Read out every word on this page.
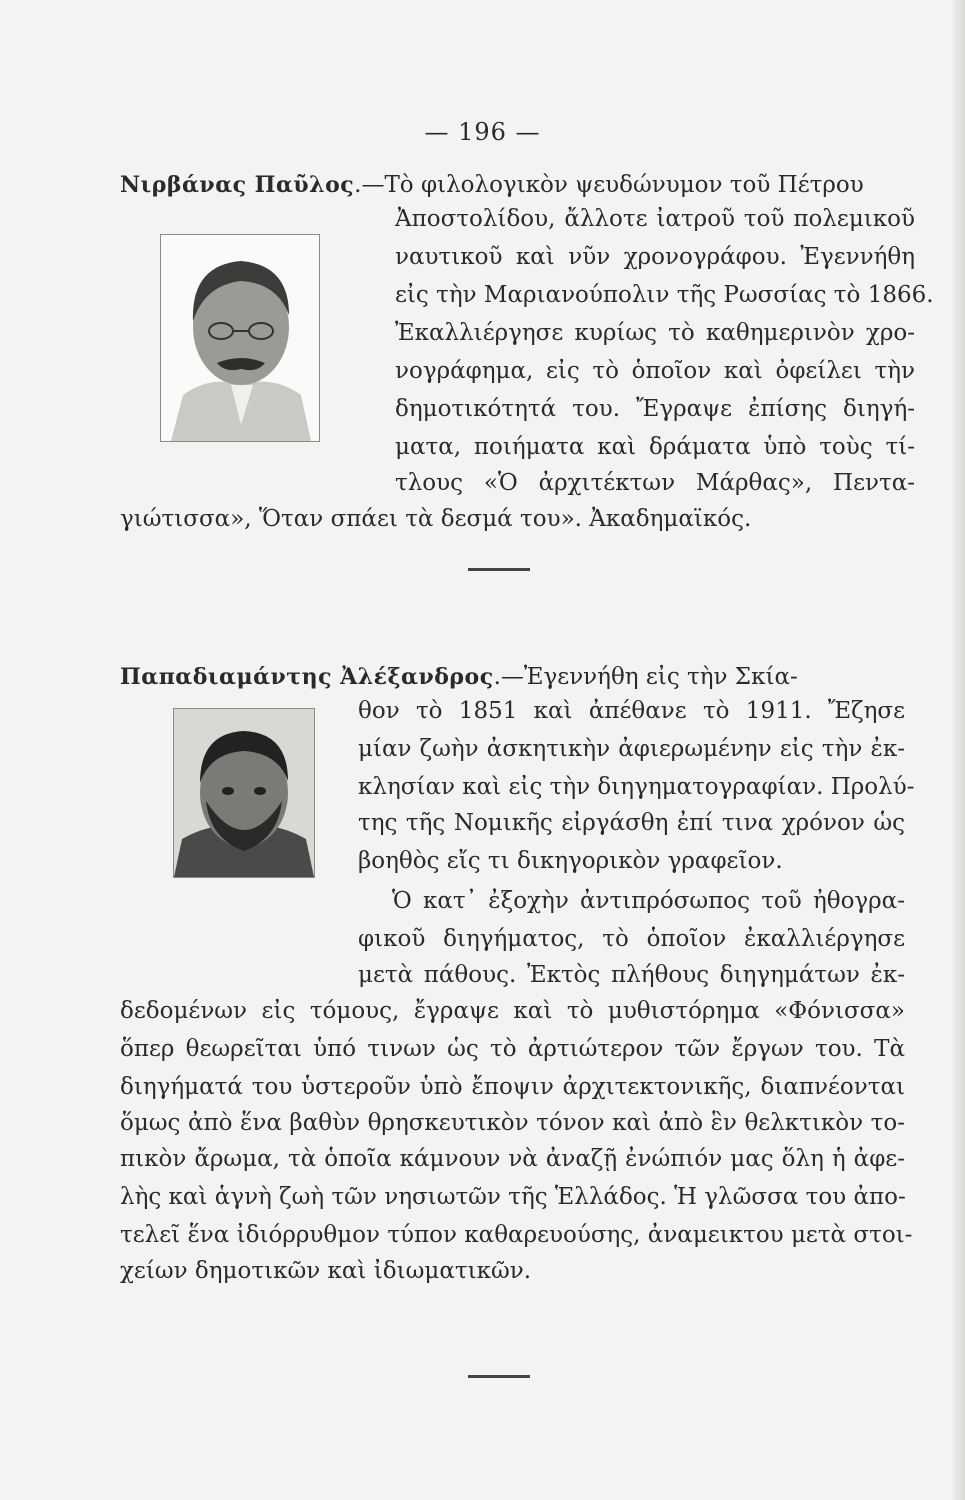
— 196 —
Νιρβάνας Παῦλος.—Τὸ φιλολογικὸν ψευδώνυμον τοῦ Πέτρου
Ἀποστολίδου, ἄλλοτε ἰατροῦ τοῦ πολεμικοῦ
ναυτικοῦ καὶ νῦν χρονογράφου. Ἐγεννήθη
εἰς τὴν Μαριανούπολιν τῆς Ρωσσίας τὸ 1866.
Ἐκαλλιέργησε κυρίως τὸ καθημερινὸν χρο-
νογράφημα, εἰς τὸ ὁποῖον καὶ ὀφείλει τὴν
δημοτικότητά του. Ἔγραψε ἐπίσης διηγή-
ματα, ποιήματα καὶ δράματα ὑπὸ τοὺς τί-
τλους «Ὁ ἀρχιτέκτων Μάρθας», Πεντα-
γιώτισσα», Ὅταν σπάει τὰ δεσμά του». Ἀκαδημαϊκός.
Παπαδιαμάντης Ἀλέξανδρος.—Ἐγεννήθη εἰς τὴν Σκία-
θον τὸ 1851 καὶ ἀπέθανε τὸ 1911. Ἔζησε
μίαν ζωὴν ἀσκητικὴν ἀφιερωμένην εἰς τὴν ἐκ-
κλησίαν καὶ εἰς τὴν διηγηματογραφίαν. Προλύ-
της τῆς Νομικῆς εἰργάσθη ἐπί τινα χρόνον ὡς
βοηθὸς εἴς τι δικηγορικὸν γραφεῖον.
Ὁ κατ᾽ ἐξοχὴν ἀντιπρόσωπος τοῦ ἠθογρα-
φικοῦ διηγήματος, τὸ ὁποῖον ἐκαλλιέργησε
μετὰ πάθους. Ἐκτὸς πλήθους διηγημάτων ἐκ-
δεδομένων εἰς τόμους, ἔγραψε καὶ τὸ μυθιστόρημα «Φόνισσα»
ὅπερ θεωρεῖται ὑπό τινων ὡς τὸ ἀρτιώτερον τῶν ἔργων του. Τὰ
διηγήματά του ὑστεροῦν ὑπὸ ἔποψιν ἀρχιτεκτονικῆς, διαπνέονται
ὅμως ἀπὸ ἕνα βαθὺν θρησκευτικὸν τόνον καὶ ἀπὸ ἓν θελκτικὸν το-
πικὸν ἄρωμα, τὰ ὁποῖα κάμνουν νὰ ἀναζῇ ἐνώπιόν μας ὅλη ἡ ἀφε-
λὴς καὶ ἁγνὴ ζωὴ τῶν νησιωτῶν τῆς Ἑλλάδος. Ἡ γλῶσσα του ἀπο-
τελεῖ ἕνα ἰδιόρρυθμον τύπον καθαρευούσης, ἀναμεικτου μετὰ στοι-
χείων δημοτικῶν καὶ ἰδιωματικῶν.
